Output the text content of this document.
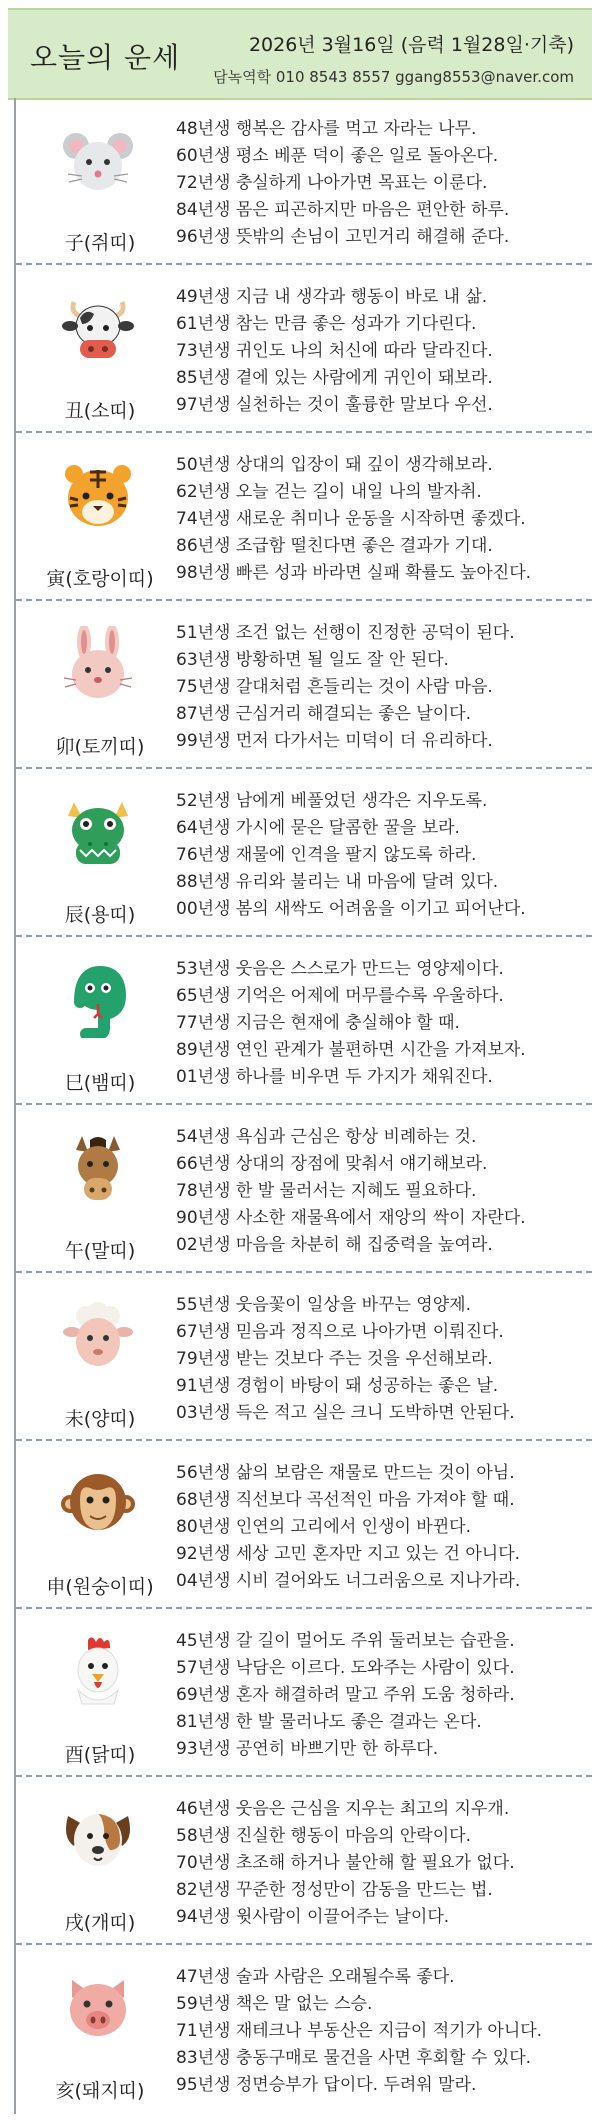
오늘의 운세	2026년 3월16일 (음력 1월28일·기축)
담녹역학 010 8543 8557 ggang8553@naver.com
子(쥐띠)
48년생 행복은 감사를 먹고 자라는 나무.
60년생 평소 베푼 덕이 좋은 일로 돌아온다.
72년생 충실하게 나아가면 목표는 이룬다.
84년생 몸은 피곤하지만 마음은 편안한 하루.
96년생 뜻밖의 손님이 고민거리 해결해 준다.
丑(소띠)
49년생 지금 내 생각과 행동이 바로 내 삶.
61년생 참는 만큼 좋은 성과가 기다린다.
73년생 귀인도 나의 처신에 따라 달라진다.
85년생 곁에 있는 사람에게 귀인이 돼보라.
97년생 실천하는 것이 훌륭한 말보다 우선.
寅(호랑이띠)
50년생 상대의 입장이 돼 깊이 생각해보라.
62년생 오늘 걷는 길이 내일 나의 발자취.
74년생 새로운 취미나 운동을 시작하면 좋겠다.
86년생 조급함 떨친다면 좋은 결과가 기대.
98년생 빠른 성과 바라면 실패 확률도 높아진다.
卯(토끼띠)
51년생 조건 없는 선행이 진정한 공덕이 된다.
63년생 방황하면 될 일도 잘 안 된다.
75년생 갈대처럼 흔들리는 것이 사람 마음.
87년생 근심거리 해결되는 좋은 날이다.
99년생 먼저 다가서는 미덕이 더 유리하다.
辰(용띠)
52년생 남에게 베풀었던 생각은 지우도록.
64년생 가시에 묻은 달콤한 꿀을 보라.
76년생 재물에 인격을 팔지 않도록 하라.
88년생 유리와 불리는 내 마음에 달려 있다.
00년생 봄의 새싹도 어려움을 이기고 피어난다.
巳(뱀띠)
53년생 웃음은 스스로가 만드는 영양제이다.
65년생 기억은 어제에 머무를수록 우울하다.
77년생 지금은 현재에 충실해야 할 때.
89년생 연인 관계가 불편하면 시간을 가져보자.
01년생 하나를 비우면 두 가지가 채워진다.
午(말띠)
54년생 욕심과 근심은 항상 비례하는 것.
66년생 상대의 장점에 맞춰서 얘기해보라.
78년생 한 발 물러서는 지혜도 필요하다.
90년생 사소한 재물욕에서 재앙의 싹이 자란다.
02년생 마음을 차분히 해 집중력을 높여라.
未(양띠)
55년생 웃음꽃이 일상을 바꾸는 영양제.
67년생 믿음과 정직으로 나아가면 이뤄진다.
79년생 받는 것보다 주는 것을 우선해보라.
91년생 경험이 바탕이 돼 성공하는 좋은 날.
03년생 득은 적고 실은 크니 도박하면 안된다.
申(원숭이띠)
56년생 삶의 보람은 재물로 만드는 것이 아님.
68년생 직선보다 곡선적인 마음 가져야 할 때.
80년생 인연의 고리에서 인생이 바뀐다.
92년생 세상 고민 혼자만 지고 있는 건 아니다.
04년생 시비 걸어와도 너그러움으로 지나가라.
酉(닭띠)
45년생 갈 길이 멀어도 주위 둘러보는 습관을.
57년생 낙담은 이르다. 도와주는 사람이 있다.
69년생 혼자 해결하려 말고 주위 도움 청하라.
81년생 한 발 물러나도 좋은 결과는 온다.
93년생 공연히 바쁘기만 한 하루다.
戌(개띠)
46년생 웃음은 근심을 지우는 최고의 지우개.
58년생 진실한 행동이 마음의 안락이다.
70년생 초조해 하거나 불안해 할 필요가 없다.
82년생 꾸준한 정성만이 감동을 만드는 법.
94년생 윗사람이 이끌어주는 날이다.
亥(돼지띠)
47년생 술과 사람은 오래될수록 좋다.
59년생 책은 말 없는 스승.
71년생 재테크나 부동산은 지금이 적기가 아니다.
83년생 충동구매로 물건을 사면 후회할 수 있다.
95년생 정면승부가 답이다. 두려워 말라.
